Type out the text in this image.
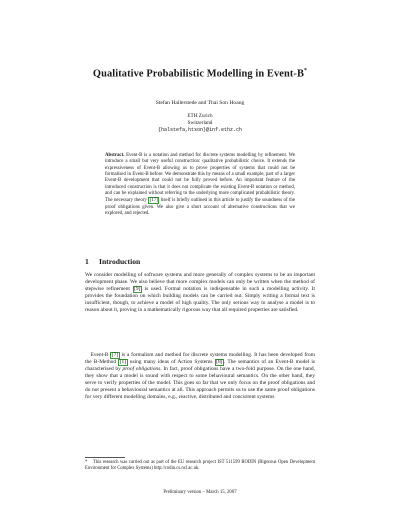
Qualitative Probabilistic Modelling in Event-B*
Stefan Hallerstede and Thai Son Hoang
ETH Zurich
Switzerland
{halstefa,htson}@inf.ethz.ch
Abstract. Event-B is a notation and method for discrete systems modelling by refinement. We introduce a small but very useful construction: qualitative probabilistic choice. It extends the expressiveness of Event-B allowing us to prove properties of systems that could not be formalised in Event-B before. We demonstrate this by means of a small example, part of a larger Event-B development that could not be fully proved before. An important feature of the introduced construction is that it does not complicate the existing Event-B notation or method, and can be explained without referring to the underlying more complicated probabilistic theory. The necessary theory [17] itself is briefly outlined in this article to justify the soundness of the proof obligations given. We also give a short account of alternative constructions that we explored, and rejected.
1 Introduction
We consider modelling of software systems and more generally of complex systems to be an important development phase. We also believe that more complex models can only be written when the method of stepwise refinement [9] is used. Formal notation is indispensable in such a modelling activity. It provides the foundation on which building models can be carried out. Simply writing a formal text is insufficient, though, to achieve a model of high quality. The only serious way to analyse a model is to reason about it, proving in a mathematically rigorous way that all required properties are satisfied.
 Event-B [7] is a formalism and method for discrete systems modelling. It has been developed from the B-Method [1] using many ideas of Action Systems [8] . The semantics of an Event-B model is characterised by proof obligations. In fact, proof obligations have a two-fold purpose. On the one hand, they show that a model is sound with respect to some behavioural semantics. On the other hand, they serve to verify properties of the model. This goes so far that we only focus on the proof obligations and do not present a behavioural semantics at all. This approach permits us to use the same proof obligations for very different modelling domains, e.g., reactive, distributed and concurrent systems
* This research was carried out as part of the EU research project IST 511599 RODIN (Rigorous Open Development Environment for Complex Systems) http://rodin.cs.ncl.ac.uk.
Preliminary version – March 15, 2007
